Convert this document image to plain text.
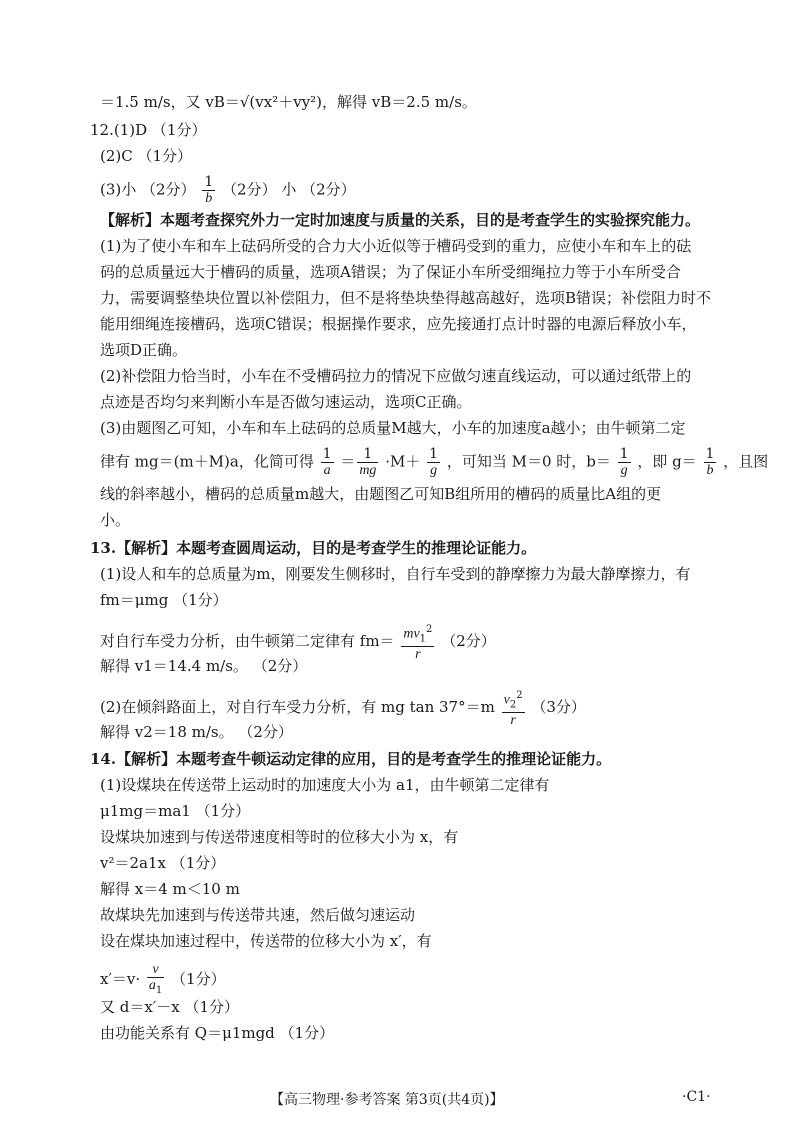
＝1.5 m/s，又 vB＝√(vx²＋vy²)，解得 vB＝2.5 m/s。
12.(1)D （1分）
(2)C （1分）
(3)小 （2分） $\frac{1}{b} (2$分） 小 （2分）
【解析】本题考查探究外力一定时加速度与质量的关系，目的是考查学生的实验探究能力。
(1)为了使小车和车上砝码所受的合力大小近似等于槽码受到的重力，应使小车和车上的砝
码的总质量远大于槽码的质量，选项A错误；为了保证小车所受细绳拉力等于小车所受合
力，需要调整垫块位置以补偿阻力，但不是将垫块垫得越高越好，选项B错误；补偿阻力时不
能用细绳连接槽码，选项C错误；根据操作要求，应先接通打点计时器的电源后释放小车，
选项D正确。
(2)补偿阻力恰当时，小车在不受槽码拉力的情况下应做匀速直线运动，可以通过纸带上的
点迹是否均匀来判断小车是否做匀速运动，选项C正确。
(3)由题图乙可知，小车和车上砝码的总质量M越大，小车的加速度a越小；由牛顿第二定
律有 mg＝(m＋M)a，化简可得 $\frac{1}{a} = \frac{1}{mg} \cdot M+ \frac{1}{g}$ ，可知当 M＝0 时，$b= \frac{1}{g}$ ，即 $g= \frac{1}{b}$ ，且图
线的斜率越小，槽码的总质量m越大，由题图乙可知B组所用的槽码的质量比A组的更
小。
13.【解析】本题考查圆周运动，目的是考查学生的推理论证能力。
(1)设人和车的总质量为m，刚要发生侧移时，自行车受到的静摩擦力为最大静摩擦力，有
fm＝μmg （1分）
对自行车受力分析，由牛顿第二定律有 $fm= \frac{mv_1^2}{r} (2$分）
解得 v1＝14.4 m/s。 （2分）
(2)在倾斜路面上，对自行车受力分析，有 mg $\tan 37^\circ=m \frac{v_2^2}{r} (3$分）
解得 v2＝18 m/s。 （2分）
14.【解析】本题考查牛顿运动定律的应用，目的是考查学生的推理论证能力。
(1)设煤块在传送带上运动时的加速度大小为 a1，由牛顿第二定律有
μ1mg＝ma1 （1分）
设煤块加速到与传送带速度相等时的位移大小为 x，有
v²＝2a1x （1分）
解得 x＝4 m＜10 m
故煤块先加速到与传送带共速，然后做匀速运动
设在煤块加速过程中，传送带的位移大小为 x′，有
$x'=v\cdot \frac{v}{a_1} (1$分）
又 d＝x′－x （1分）
由功能关系有 Q＝μ1mgd （1分）
【高三物理·参考答案 第3页(共4页)】	·C1·
